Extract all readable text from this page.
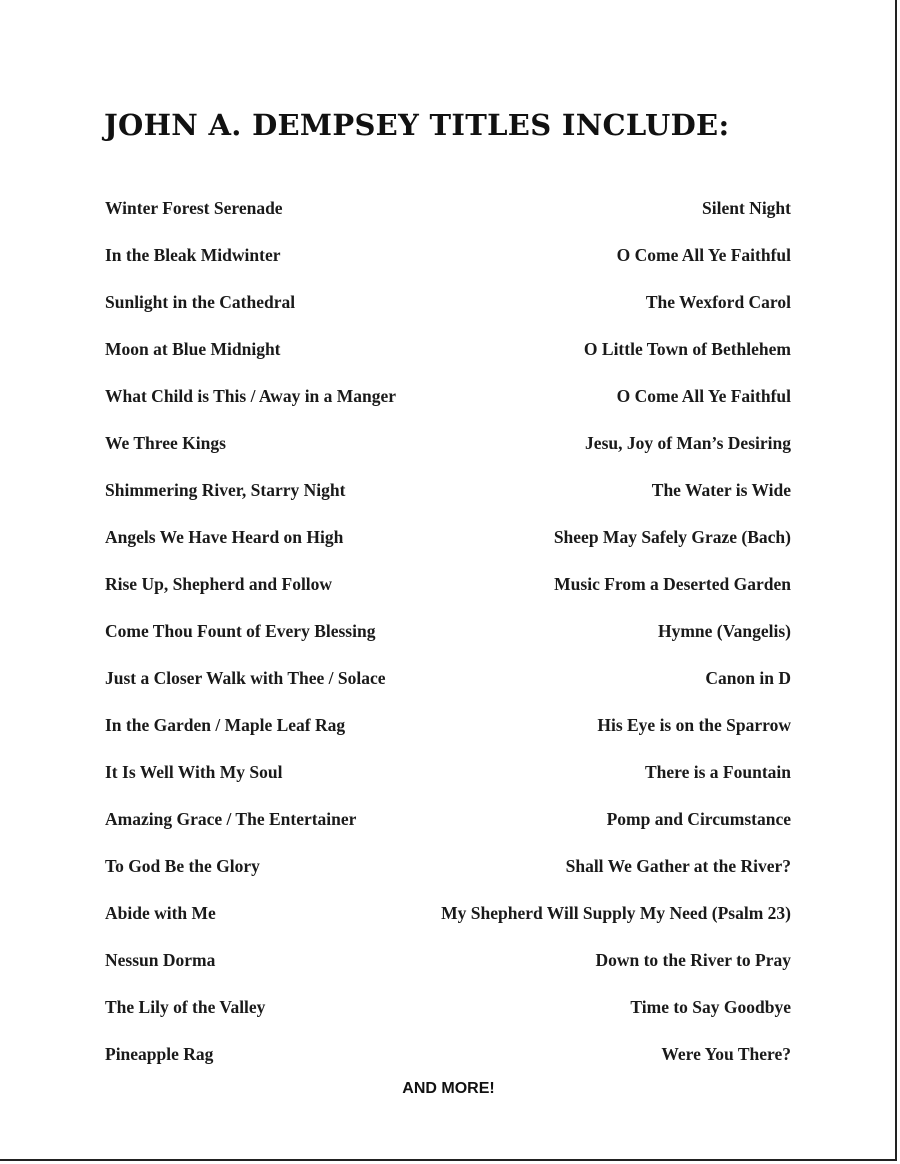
JOHN A. DEMPSEY TITLES INCLUDE:
Winter Forest Serenade	Silent Night
In the Bleak Midwinter	O Come All Ye Faithful
Sunlight in the Cathedral	The Wexford Carol
Moon at Blue Midnight	O Little Town of Bethlehem
What Child is This / Away in a Manger	O Come All Ye Faithful
We Three Kings	Jesu, Joy of Man’s Desiring
Shimmering River, Starry Night	The Water is Wide
Angels We Have Heard on High	Sheep May Safely Graze (Bach)
Rise Up, Shepherd and Follow	Music From a Deserted Garden
Come Thou Fount of Every Blessing	Hymne (Vangelis)
Just a Closer Walk with Thee / Solace	Canon in D
In the Garden / Maple Leaf Rag	His Eye is on the Sparrow
It Is Well With My Soul	There is a Fountain
Amazing Grace / The Entertainer	Pomp and Circumstance
To God Be the Glory	Shall We Gather at the River?
Abide with Me	My Shepherd Will Supply My Need (Psalm 23)
Nessun Dorma	Down to the River to Pray
The Lily of the Valley	Time to Say Goodbye
Pineapple Rag	Were You There?
AND MORE!
